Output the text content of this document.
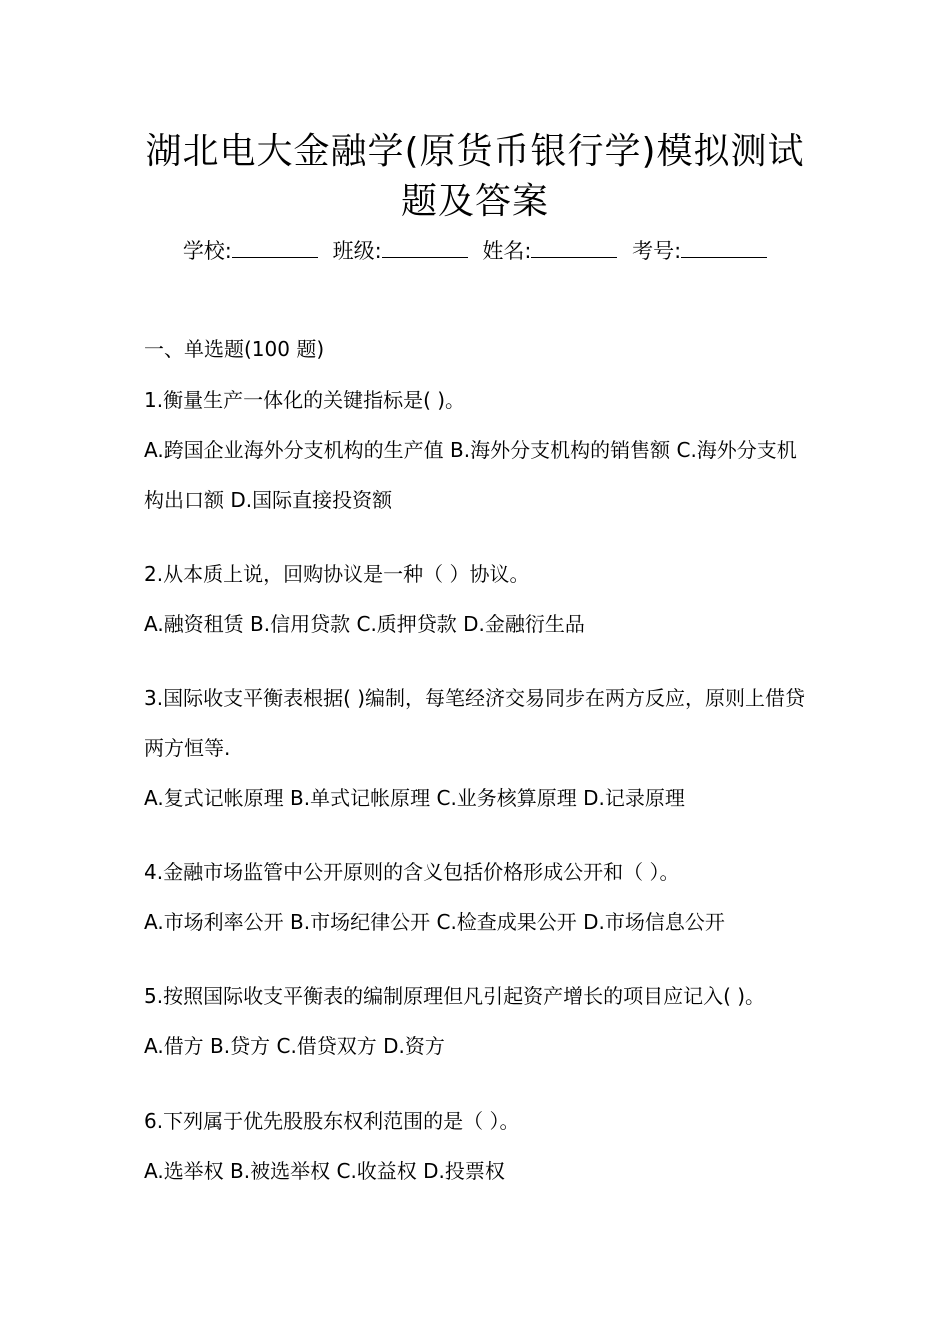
湖北电大金融学(原货币银行学)模拟测试
题及答案
学校:	班级:	姓名:	考号:
一、单选题(100 题)

1.衡量生产一体化的关键指标是( )。

A.跨国企业海外分支机构的生产值 B.海外分支机构的销售额 C.海外分支机构出口额 D.国际直接投资额

2.从本质上说，回购协议是一种（ ）协议。

A.融资租赁 B.信用贷款 C.质押贷款 D.金融衍生品

3.国际收支平衡表根据( )编制，每笔经济交易同步在两方反应，原则上借贷两方恒等.

A.复式记帐原理 B.单式记帐原理 C.业务核算原理 D.记录原理

4.金融市场监管中公开原则的含义包括价格形成公开和（ ）。

A.市场利率公开 B.市场纪律公开 C.检查成果公开 D.市场信息公开

5.按照国际收支平衡表的编制原理但凡引起资产增长的项目应记入( )。

A.借方 B.贷方 C.借贷双方 D.资方

6.下列属于优先股股东权利范围的是（ ）。

A.选举权 B.被选举权 C.收益权 D.投票权
